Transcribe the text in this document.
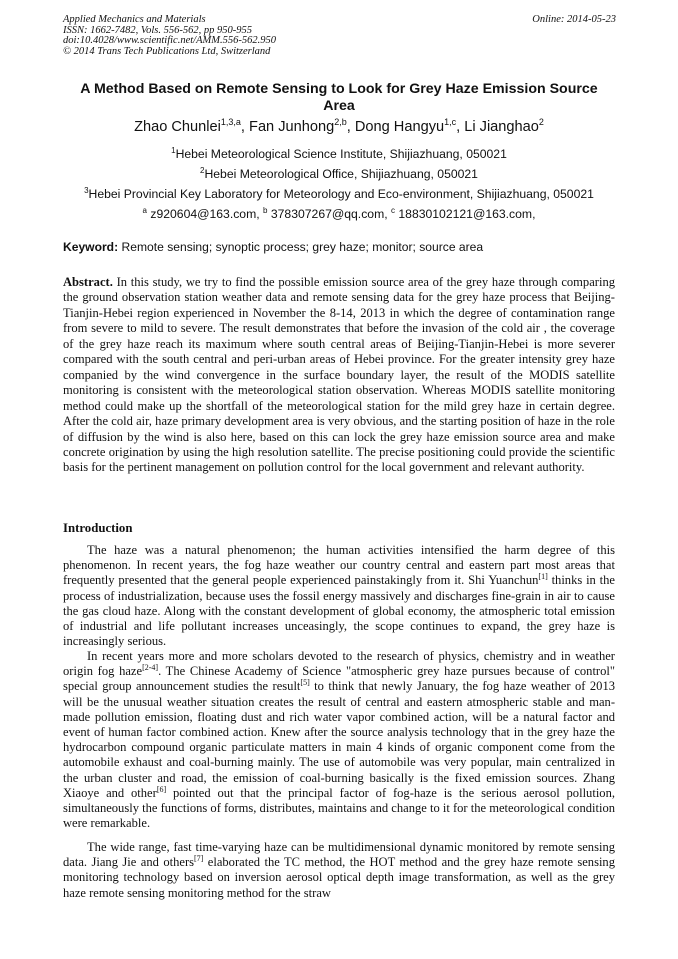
Applied Mechanics and Materials
ISSN: 1662-7482, Vols. 556-562, pp 950-955
doi:10.4028/www.scientific.net/AMM.556-562.950
© 2014 Trans Tech Publications Ltd, Switzerland
Online: 2014-05-23
A Method Based on Remote Sensing to Look for Grey Haze Emission Source Area
Zhao Chunlei$^{1,3,a}$, Fan Junhong$^{2,b}$, Dong Hangyu$^{1,c}$, Li Jianghao$^2$
$^1$Hebei Meteorological Science Institute, Shijiazhuang, 050021
$^2$Hebei Meteorological Office, Shijiazhuang, 050021
$^3$Hebei Provincial Key Laboratory for Meteorology and Eco-environment, Shijiazhuang, 050021
$^a$ z920604@163.com, $^b$ 378307267@qq.com, $^c$ 18830102121@163.com,
Keyword: Remote sensing; synoptic process; grey haze; monitor; source area
Abstract. In this study, we try to find the possible emission source area of the grey haze through comparing the ground observation station weather data and remote sensing data for the grey haze process that Beijing-Tianjin-Hebei region experienced in November the 8-14, 2013 in which the degree of contamination range from severe to mild to severe. The result demonstrates that before the invasion of the cold air , the coverage of the grey haze reach its maximum where south central areas of Beijing-Tianjin-Hebei is more severer compared with the south central and peri-urban areas of Hebei province. For the greater intensity grey haze companied by the wind convergence in the surface boundary layer, the result of the MODIS satellite monitoring is consistent with the meteorological station observation. Whereas MODIS satellite monitoring method could make up the shortfall of the meteorological station for the mild grey haze in certain degree. After the cold air, haze primary development area is very obvious, and the starting position of haze in the role of diffusion by the wind is also here, based on this can lock the grey haze emission source area and make concrete origination by using the high resolution satellite. The precise positioning could provide the scientific basis for the pertinent management on pollution control for the local government and relevant authority.
Introduction
The haze was a natural phenomenon; the human activities intensified the harm degree of this phenomenon. In recent years, the fog haze weather our country central and eastern part most areas that frequently presented that the general people experienced painstakingly from it. Shi Yuanchun[1] thinks in the process of industrialization, because uses the fossil energy massively and discharges fine-grain in air to cause the gas cloud haze. Along with the constant development of global economy, the atmospheric total emission of industrial and life pollutant increases unceasingly, the scope continues to expand, the grey haze is increasingly serious.
In recent years more and more scholars devoted to the research of physics, chemistry and in weather origin fog haze[2-4]. The Chinese Academy of Science "atmospheric grey haze pursues because of control" special group announcement studies the result[5] to think that newly January, the fog haze weather of 2013 will be the unusual weather situation creates the result of central and eastern atmospheric stable and man-made pollution emission, floating dust and rich water vapor combined action, will be a natural factor and event of human factor combined action. Knew after the source analysis technology that in the grey haze the hydrocarbon compound organic particulate matters in main 4 kinds of organic component come from the automobile exhaust and coal-burning mainly. The use of automobile was very popular, main centralized in the urban cluster and road, the emission of coal-burning basically is the fixed emission sources. Zhang Xiaoye and other[6] pointed out that the principal factor of fog-haze is the serious aerosol pollution, simultaneously the functions of forms, distributes, maintains and change to it for the meteorological condition were remarkable.
The wide range, fast time-varying haze can be multidimensional dynamic monitored by remote sensing data. Jiang Jie and others[7] elaborated the TC method, the HOT method and the grey haze remote sensing monitoring technology based on inversion aerosol optical depth image transformation, as well as the grey haze remote sensing monitoring method for the straw
